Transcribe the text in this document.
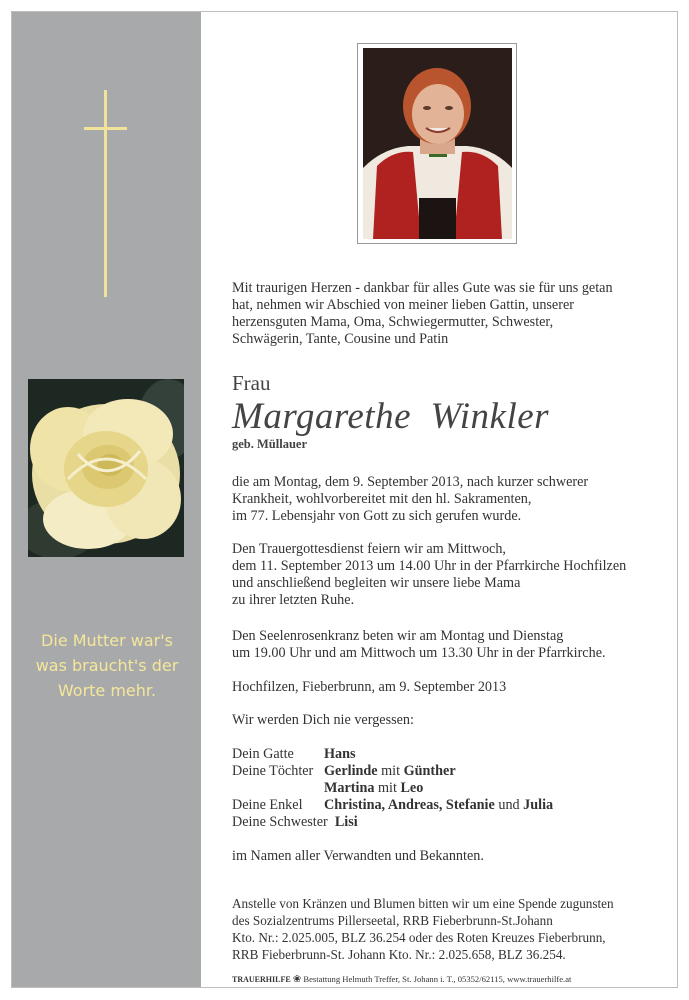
Die Mutter war's
was braucht's der
Worte mehr.
Mit traurigen Herzen - dankbar für alles Gute was sie für uns getan
hat, nehmen wir Abschied von meiner lieben Gattin, unserer
herzensguten Mama, Oma, Schwiegermutter, Schwester,
Schwägerin, Tante, Cousine und Patin
Frau
Margarethe  Winkler
geb. Müllauer
die am Montag, dem 9. September 2013, nach kurzer schwerer
Krankheit, wohlvorbereitet mit den hl. Sakramenten,
im 77. Lebensjahr von Gott zu sich gerufen wurde.
Den Trauergottesdienst feiern wir am Mittwoch,
dem 11. September 2013 um 14.00 Uhr in der Pfarrkirche Hochfilzen
und anschließend begleiten wir unsere liebe Mama
zu ihrer letzten Ruhe.
Den Seelenrosenkranz beten wir am Montag und Dienstag
um 19.00 Uhr und am Mittwoch um 13.30 Uhr in der Pfarrkirche.
Hochfilzen, Fieberbrunn, am 9. September 2013
Wir werden Dich nie vergessen:
Dein Gatte Hans
Deine Töchter Gerlinde mit Günther
Martina mit Leo
Deine Enkel Christina, Andreas, Stefanie und Julia
Deine Schwester Lisi
im Namen aller Verwandten und Bekannten.
Anstelle von Kränzen und Blumen bitten wir um eine Spende zugunsten
des Sozialzentrums Pillerseetal, RRB Fieberbrunn-St.Johann
Kto. Nr.: 2.025.005, BLZ 36.254 oder des Roten Kreuzes Fieberbrunn,
RRB Fieberbrunn-St. Johann Kto. Nr.: 2.025.658, BLZ 36.254.
TRAUERHILFE ❀ Bestattung Helmuth Treffer, St. Johann i. T., 05352/62115, www.trauerhilfe.at
